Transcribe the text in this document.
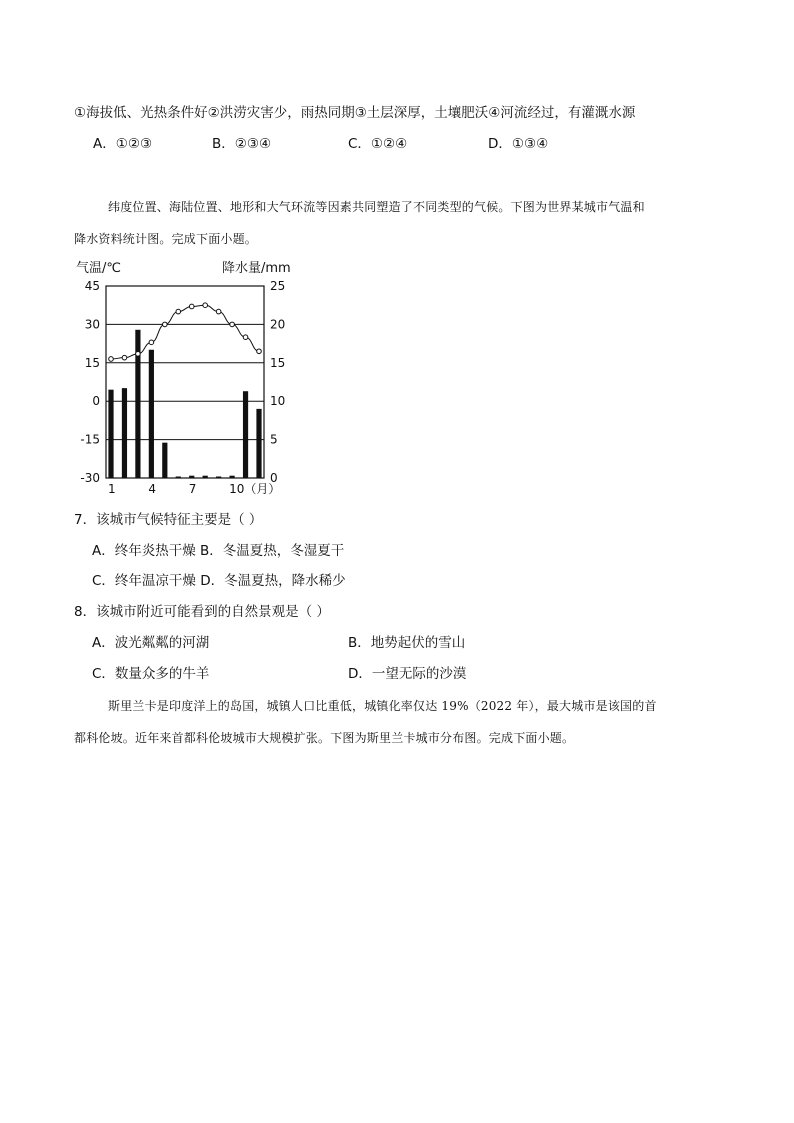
①海拔低、光热条件好②洪涝灾害少，雨热同期③土层深厚，土壤肥沃④河流经过，有灌溉水源
A．①②③	B．②③④	C．①②④	D．①③④
纬度位置、海陆位置、地形和大气环流等因素共同塑造了不同类型的气候。下图为世界某城市气温和
降水资料统计图。完成下面小题。
气温/℃	降水量/mm
45
30
15
0
-15
-30
25
20
15
10
5
0
1	4	7	10（月）
7．该城市气候特征主要是（ ）
A．终年炎热干燥 B．冬温夏热，冬湿夏干
C．终年温凉干燥 D．冬温夏热，降水稀少
8．该城市附近可能看到的自然景观是（ ）
A．波光粼粼的河湖	B．地势起伏的雪山
C．数量众多的牛羊	D．一望无际的沙漠
斯里兰卡是印度洋上的岛国，城镇人口比重低，城镇化率仅达 19%（2022 年），最大城市是该国的首
都科伦坡。近年来首都科伦坡城市大规模扩张。下图为斯里兰卡城市分布图。完成下面小题。
